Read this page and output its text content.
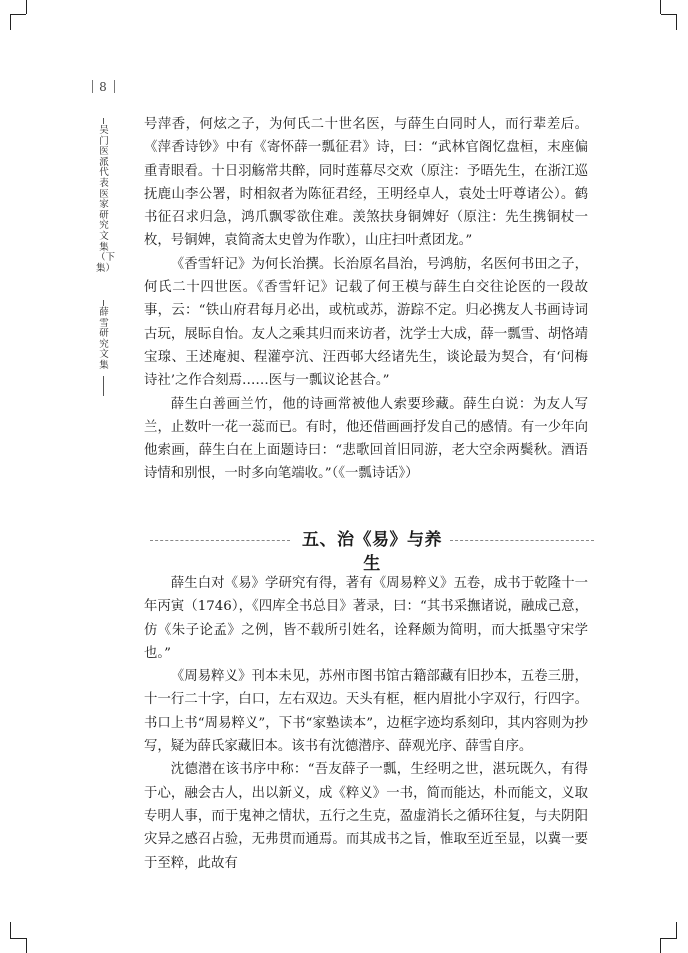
8
吴门医派代表医家研究文集（下集）
薛雪研究文集

号萍香，何炫之子，为何氏二十世名医，与薛生白同时人，而行辈差后。《萍香诗钞》中有《寄怀薛一瓢征君》诗，曰：“武林官阁忆盘桓，末座偏重青眼看。十日羽觞常共醉，同时莲幕尽交欢（原注：予晤先生，在浙江巡抚鹿山李公署，时相叙者为陈征君经，王明经卓人，袁处士吁尊诸公）。鹤书征召求归急，鸿爪飘零欲住难。羡煞扶身铜婢好（原注：先生携铜杖一枚，号铜婢，袁简斋太史曾为作歌），山庄扫叶煮团龙。”

《香雪轩记》为何长治撰。长治原名昌治，号鸿舫，名医何书田之子，何氏二十四世医。《香雪轩记》记载了何王模与薛生白交往论医的一段故事，云：“铁山府君每月必出，或杭或苏，游踪不定。归必携友人书画诗词古玩，展眎自怡。友人之乘其归而来访者，沈学士大成，薛一瓢雪、胡恪靖宝瑔、王述庵昶、程灌亭沆、汪西邨大经诸先生，谈论最为契合，有‘问梅诗社’之作合刻焉……医与一瓢议论甚合。”

薛生白善画兰竹，他的诗画常被他人索要珍藏。薛生白说：为友人写兰，止数叶一花一蕊而已。有时，他还借画画抒发自己的感情。有一少年向他索画，薛生白在上面题诗曰：“悲歌回首旧同游，老大空余两鬓秋。酒语诗情和别恨，一时多向笔端收。”（《一瓢诗话》）

五、治《易》与养生

薛生白对《易》学研究有得，著有《周易粹义》五卷，成书于乾隆十一年丙寅（1746），《四库全书总目》著录，曰：“其书采撫诸说，融成己意，仿《朱子论孟》之例，皆不载所引姓名，诠释颇为简明，而大抵墨守宋学也。”

《周易粹义》刊本未见，苏州市图书馆古籍部藏有旧抄本，五卷三册，十一行二十字，白口，左右双边。天头有框，框内眉批小字双行，行四字。书口上书“周易粹义”，下书“家塾读本”，边框字迹均系刻印，其内容则为抄写，疑为薛氏家藏旧本。该书有沈德潜序、薛观光序、薛雪自序。

沈德潜在该书序中称：“吾友薛子一瓢，生经明之世，湛玩既久，有得于心，融会古人，出以新义，成《粹义》一书，简而能达，朴而能文，义取专明人事，而于鬼神之情状，五行之生克，盈虚消长之循环往复，与夫阴阳灾异之感召占验，无弗贯而通焉。而其成书之旨，惟取至近至显，以冀一要于至粹，此故有
